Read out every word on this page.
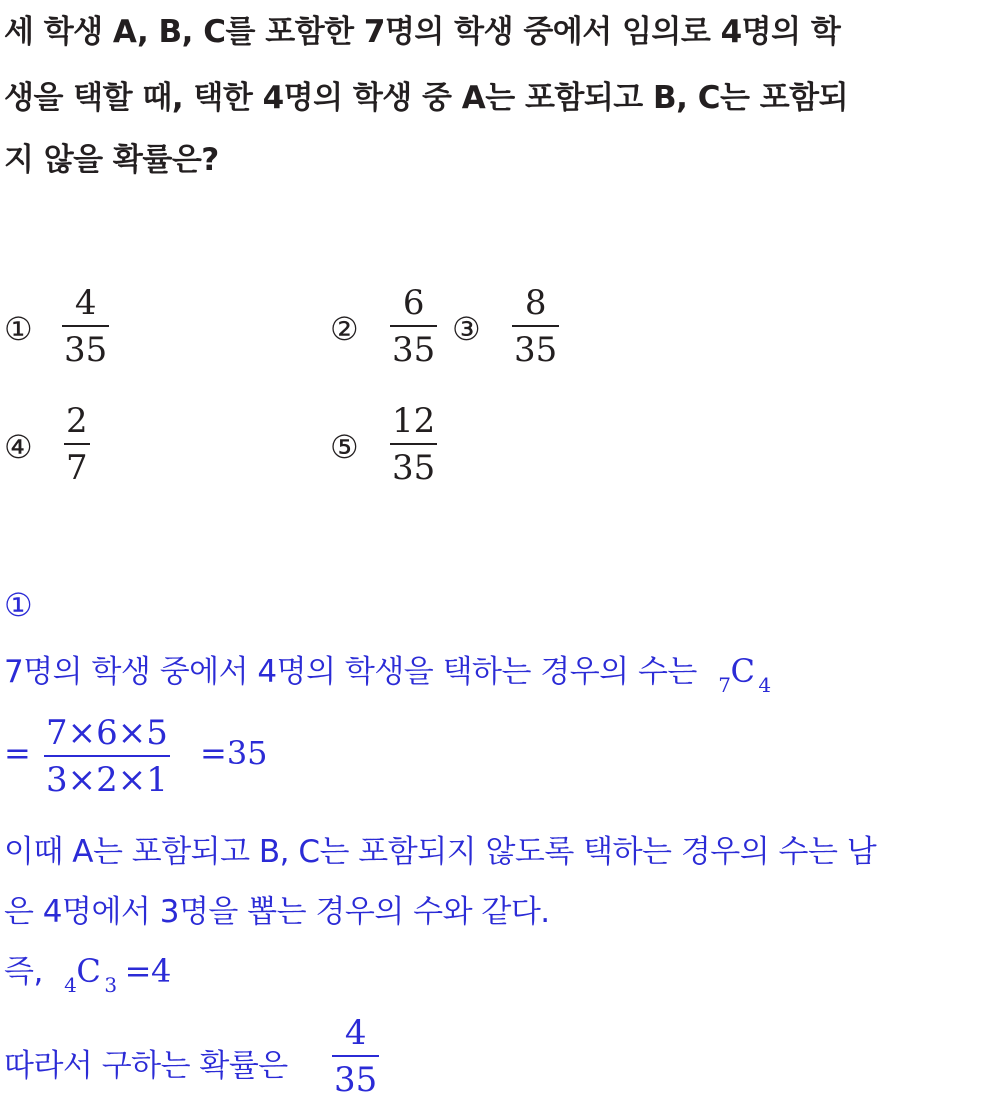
세 학생 A, B, C를 포함한 7명의 학생 중에서 임의로 4명의 학
생을 택할 때, 택한 4명의 학생 중 A는 포함되고 B, C는 포함되
지 않을 확률은?
①
4
35
②
6
35
③
8
35
④
2
7
⑤
12
35
①
7명의 학생 중에서 4명의 학생을 택하는 경우의 수는 $_7$C $_4$
= 7×6×5
3×2×1
=35
이때 A는 포함되고 B, C는 포함되지 않도록 택하는 경우의 수는 남
은 4명에서 3명을 뽑는 경우의 수와 같다.
즉, $_4$C $_3$ =4
따라서 구하는 확률은
4
35
